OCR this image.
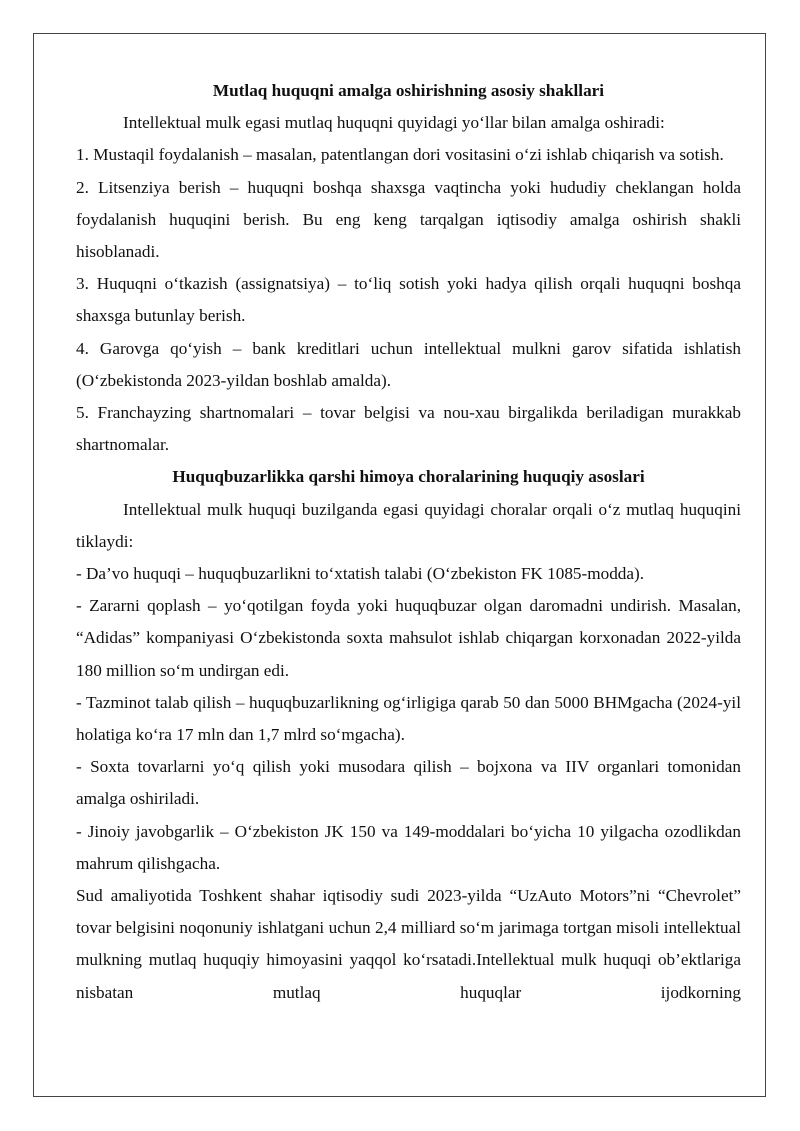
Mutlaq huquqni amalga oshirishning asosiy shakllari

Intellektual mulk egasi mutlaq huquqni quyidagi yo‘llar bilan amalga oshiradi:

1. Mustaqil foydalanish – masalan, patentlangan dori vositasini o‘zi ishlab chiqarish va sotish.

2. Litsenziya berish – huquqni boshqa shaxsga vaqtincha yoki hududiy cheklangan holda foydalanish huquqini berish. Bu eng keng tarqalgan iqtisodiy amalga oshirish shakli hisoblanadi.

3. Huquqni o‘tkazish (assignatsiya) – to‘liq sotish yoki hadya qilish orqali huquqni boshqa shaxsga butunlay berish.

4. Garovga qo‘yish – bank kreditlari uchun intellektual mulkni garov sifatida ishlatish (O‘zbekistonda 2023-yildan boshlab amalda).

5. Franchayzing shartnomalari – tovar belgisi va nou-xau birgalikda beriladigan murakkab shartnomalar.

Huquqbuzarlikka qarshi himoya choralarining huquqiy asoslari

Intellektual mulk huquqi buzilganda egasi quyidagi choralar orqali o‘z mutlaq huquqini tiklaydi:

- Da’vo huquqi – huquqbuzarlikni to‘xtatish talabi (O‘zbekiston FK 1085-modda).

- Zararni qoplash – yo‘qotilgan foyda yoki huquqbuzar olgan daromadni undirish. Masalan, “Adidas” kompaniyasi O‘zbekistonda soxta mahsulot ishlab chiqargan korxonadan 2022-yilda 180 million so‘m undirgan edi.

- Tazminot talab qilish – huquqbuzarlikning og‘irligiga qarab 50 dan 5000 BHMgacha (2024-yil holatiga ko‘ra 17 mln dan 1,7 mlrd so‘mgacha).

- Soxta tovarlarni yo‘q qilish yoki musodara qilish – bojxona va IIV organlari tomonidan amalga oshiriladi.

- Jinoiy javobgarlik – O‘zbekiston JK 150 va 149-moddalari bo‘yicha 10 yilgacha ozodlikdan mahrum qilishgacha.

Sud amaliyotida Toshkent shahar iqtisodiy sudi 2023-yilda “UzAuto Motors”ni “Chevrolet” tovar belgisini noqonuniy ishlatgani uchun 2,4 milliard so‘m jarimaga tortgan misoli intellektual mulkning mutlaq huquqiy himoyasini yaqqol ko‘rsatadi.Intellektual mulk huquqi ob’ektlariga nisbatan mutlaq huquqlar ijodkorning
